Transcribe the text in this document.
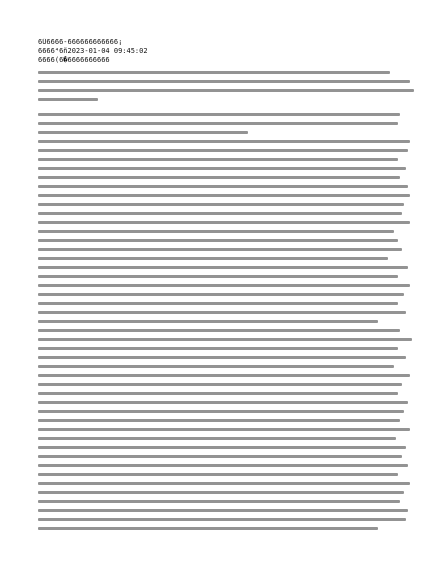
6Ü6666-666666666666¡
6666⁴6ñ2023-01-04 09:45:02
6666(6�6666666666
